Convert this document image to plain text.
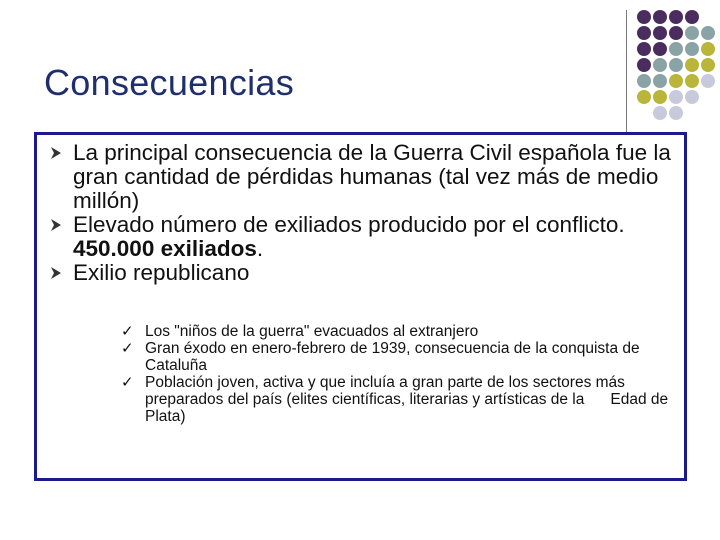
Consecuencias
La principal consecuencia de la Guerra Civil española fue la gran cantidad de pérdidas humanas (tal vez más de medio millón)
Elevado número de exiliados producido por el conflicto. 450.000 exiliados.
Exilio republicano
✓ Los "niños de la guerra" evacuados al extranjero
✓ Gran éxodo en enero-febrero de 1939, consecuencia de la conquista de Cataluña
✓ Población joven, activa y que incluía a gran parte de los sectores más preparados del país (elites científicas, literarias y artísticas de la Edad de Plata)
